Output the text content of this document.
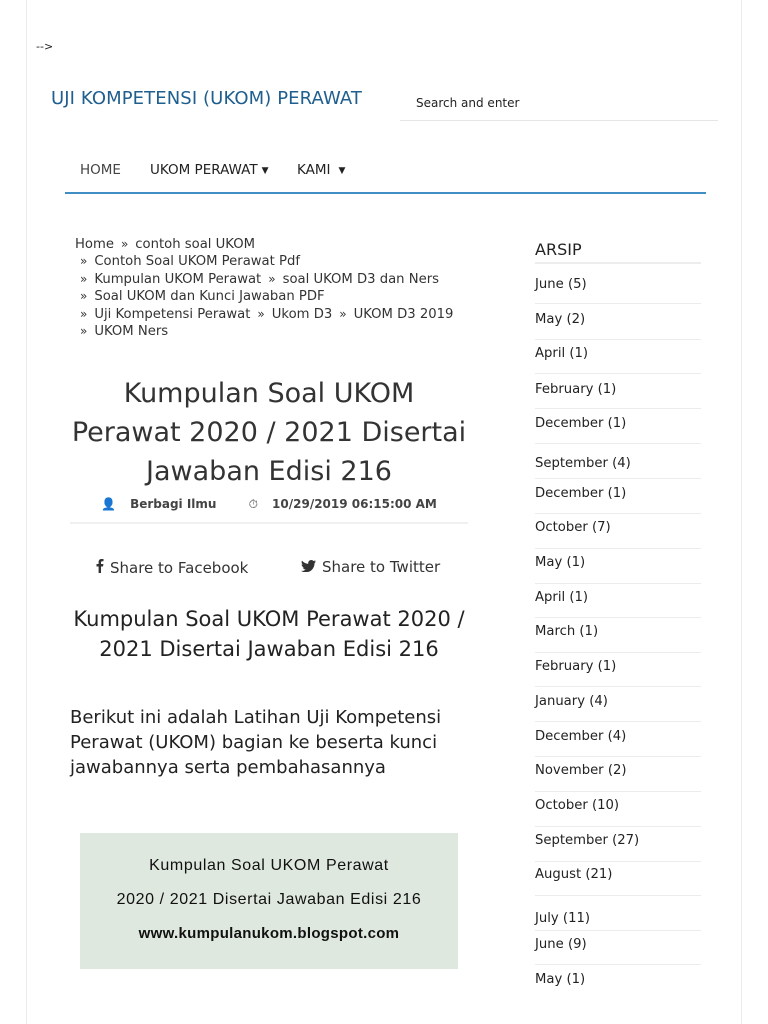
-->
UJI KOMPETENSI (UKOM) PERAWAT
Search and enter
HOME UKOM PERAWAT ▼ KAMI ▼
Home » contoh soal UKOM
» Contoh Soal UKOM Perawat Pdf
» Kumpulan UKOM Perawat » soal UKOM D3 dan Ners
» Soal UKOM dan Kunci Jawaban PDF
» Uji Kompetensi Perawat » Ukom D3 » UKOM D3 2019
» UKOM Ners
Kumpulan Soal UKOM Perawat 2020 / 2021 Disertai Jawaban Edisi 216
👤 Berbagi Ilmu	⏱ 10/29/2019 06:15:00 AM
Share to Facebook	Share to Twitter
Kumpulan Soal UKOM Perawat 2020 / 2021 Disertai Jawaban Edisi 216

Berikut ini adalah Latihan Uji Kompetensi Perawat (UKOM) bagian ke beserta kunci jawabannya serta pembahasannya

Kumpulan Soal UKOM Perawat
2020 / 2021 Disertai Jawaban Edisi 216
www.kumpulanukom.blogspot.com
ARSIP
June (5)
May (2)
April (1)
February (1)
December (1)
September (4)
December (1)
October (7)
May (1)
April (1)
March (1)
February (1)
January (4)
December (4)
November (2)
October (10)
September (27)
August (21)
July (11)
June (9)
May (1)
